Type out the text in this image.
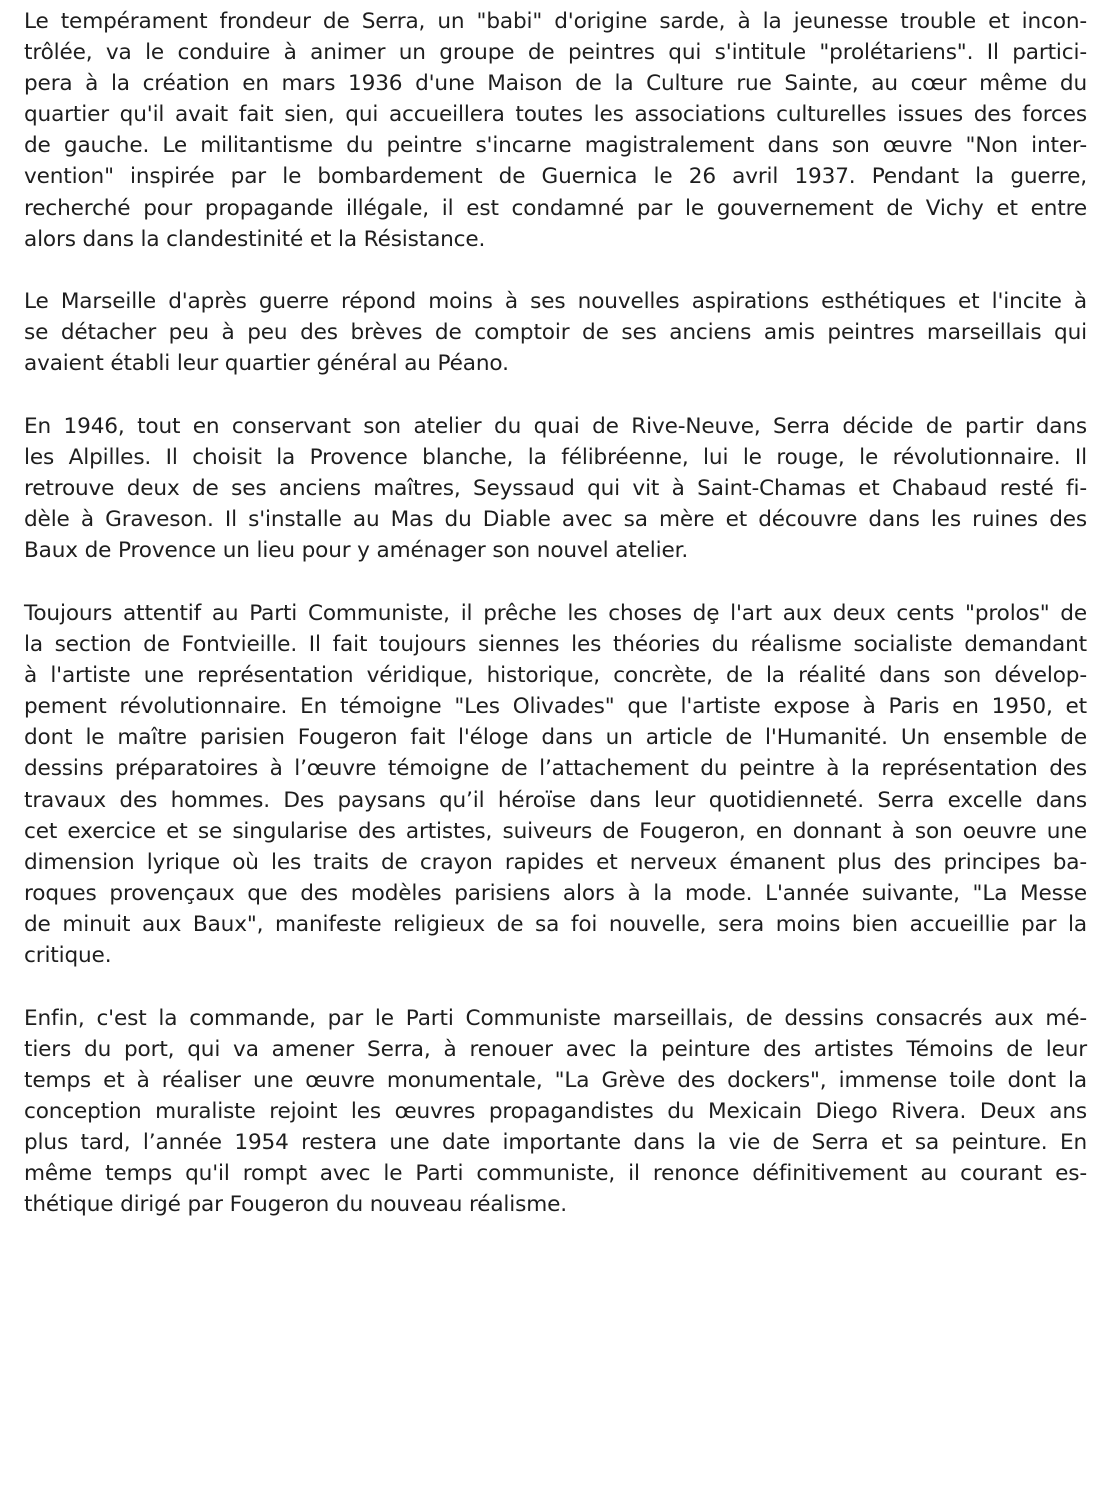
Le tempérament frondeur de Serra, un "babi" d'origine sarde, à la jeunesse trouble et incon-
trôlée, va le conduire à animer un groupe de peintres qui s'intitule "prolétariens". Il partici-
pera à la création en mars 1936 d'une Maison de la Culture rue Sainte, au cœur même du
quartier qu'il avait fait sien, qui accueillera toutes les associations culturelles issues des forces
de gauche. Le militantisme du peintre s'incarne magistralement dans son œuvre "Non inter-
vention" inspirée par le bombardement de Guernica le 26 avril 1937. Pendant la guerre,
recherché pour propagande illégale, il est condamné par le gouvernement de Vichy et entre
alors dans la clandestinité et la Résistance.

Le Marseille d'après guerre répond moins à ses nouvelles aspirations esthétiques et l'incite à
se détacher peu à peu des brèves de comptoir de ses anciens amis peintres marseillais qui
avaient établi leur quartier général au Péano.

En 1946, tout en conservant son atelier du quai de Rive-Neuve, Serra décide de partir dans
les Alpilles. Il choisit la Provence blanche, la félibréenne, lui le rouge, le révolutionnaire. Il
retrouve deux de ses anciens maîtres, Seyssaud qui vit à Saint-Chamas et Chabaud resté fi-
dèle à Graveson. Il s'installe au Mas du Diable avec sa mère et découvre dans les ruines des
Baux de Provence un lieu pour y aménager son nouvel atelier.

Toujours attentif au Parti Communiste, il prêche les choses dȩ l'art aux deux cents "prolos" de
la section de Fontvieille. Il fait toujours siennes les théories du réalisme socialiste demandant
à l'artiste une représentation véridique, historique, concrète, de la réalité dans son dévelop-
pement révolutionnaire. En témoigne "Les Olivades" que l'artiste expose à Paris en 1950, et
dont le maître parisien Fougeron fait l'éloge dans un article de l'Humanité. Un ensemble de
dessins préparatoires à l’œuvre témoigne de l’attachement du peintre à la représentation des
travaux des hommes. Des paysans qu’il héroïse dans leur quotidienneté. Serra excelle dans
cet exercice et se singularise des artistes, suiveurs de Fougeron, en donnant à son oeuvre une
dimension lyrique où les traits de crayon rapides et nerveux émanent plus des principes ba-
roques provençaux que des modèles parisiens alors à la mode. L'année suivante, "La Messe
de minuit aux Baux", manifeste religieux de sa foi nouvelle, sera moins bien accueillie par la
critique.

Enfin, c'est la commande, par le Parti Communiste marseillais, de dessins consacrés aux mé-
tiers du port, qui va amener Serra, à renouer avec la peinture des artistes Témoins de leur
temps et à réaliser une œuvre monumentale, "La Grève des dockers", immense toile dont la
conception muraliste rejoint les œuvres propagandistes du Mexicain Diego Rivera. Deux ans
plus tard, l’année 1954 restera une date importante dans la vie de Serra et sa peinture. En
même temps qu'il rompt avec le Parti communiste, il renonce définitivement au courant es-
thétique dirigé par Fougeron du nouveau réalisme.
